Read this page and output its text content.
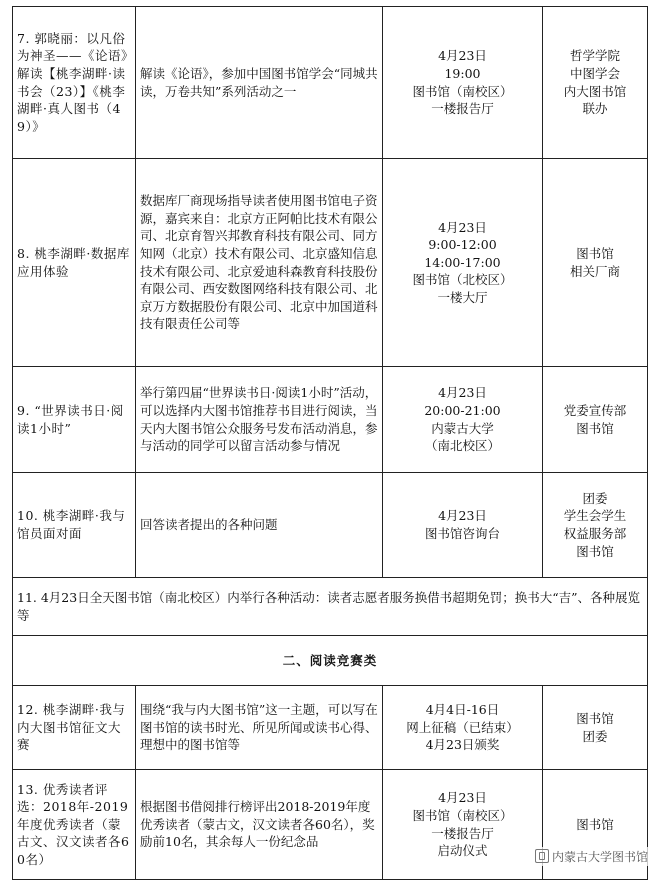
7. 郭晓丽：以凡俗为神圣——《论语》解读【桃李湖畔·读书会（23）】《桃李湖畔·真人图书（49）》	解读《论语》，参加中国图书馆学会“同城共读，万卷共知”系列活动之一	4月23日
19:00
图书馆（南校区）
一楼报告厅	哲学学院
中图学会
内大图书馆
联办

8. 桃李湖畔·数据库应用体验	数据库厂商现场指导读者使用图书馆电子资源，嘉宾来自：北京方正阿帕比技术有限公司、北京育智兴邦教育科技有限公司、同方知网（北京）技术有限公司、北京盛知信息技术有限公司、北京爱迪科森教育科技股份有限公司、西安数图网络科技有限公司、北京万方数据股份有限公司、北京中加国道科技有限责任公司等	4月23日
9:00-12:00
14:00-17:00
图书馆（北校区）
一楼大厅	图书馆
相关厂商

9. “世界读书日·阅读1小时”	举行第四届“世界读书日·阅读1小时”活动，可以选择内大图书馆推荐书目进行阅读，当天内大图书馆公众服务号发布活动消息，参与活动的同学可以留言活动参与情况	4月23日
20:00-21:00
内蒙古大学
（南北校区）	党委宣传部
图书馆

10. 桃李湖畔·我与馆员面对面	回答读者提出的各种问题	4月23日
图书馆咨询台	团委
学生会学生
权益服务部
图书馆

11. 4月23日全天图书馆（南北校区）内举行各种活动：读者志愿者服务换借书超期免罚；换书大“吉”、各种展览等			
二、阅读竞赛类			
12. 桃李湖畔·我与内大图书馆征文大赛	围绕“我与内大图书馆”这一主题，可以写在图书馆的读书时光、所见所闻或读书心得、理想中的图书馆等	4月4日-16日
网上征稿（已结束）
4月23日颁奖	图书馆
团委

13. 优秀读者评选：2018年-2019年度优秀读者（蒙古文、汉文读者各60名）	根据图书借阅排行榜评出2018-2019年度优秀读者（蒙古文，汉文读者各60名），奖励前10名，其余每人一份纪念品	4月23日
图书馆（南校区）
一楼报告厅
启动仪式	图书馆
内蒙古大学图书馆
